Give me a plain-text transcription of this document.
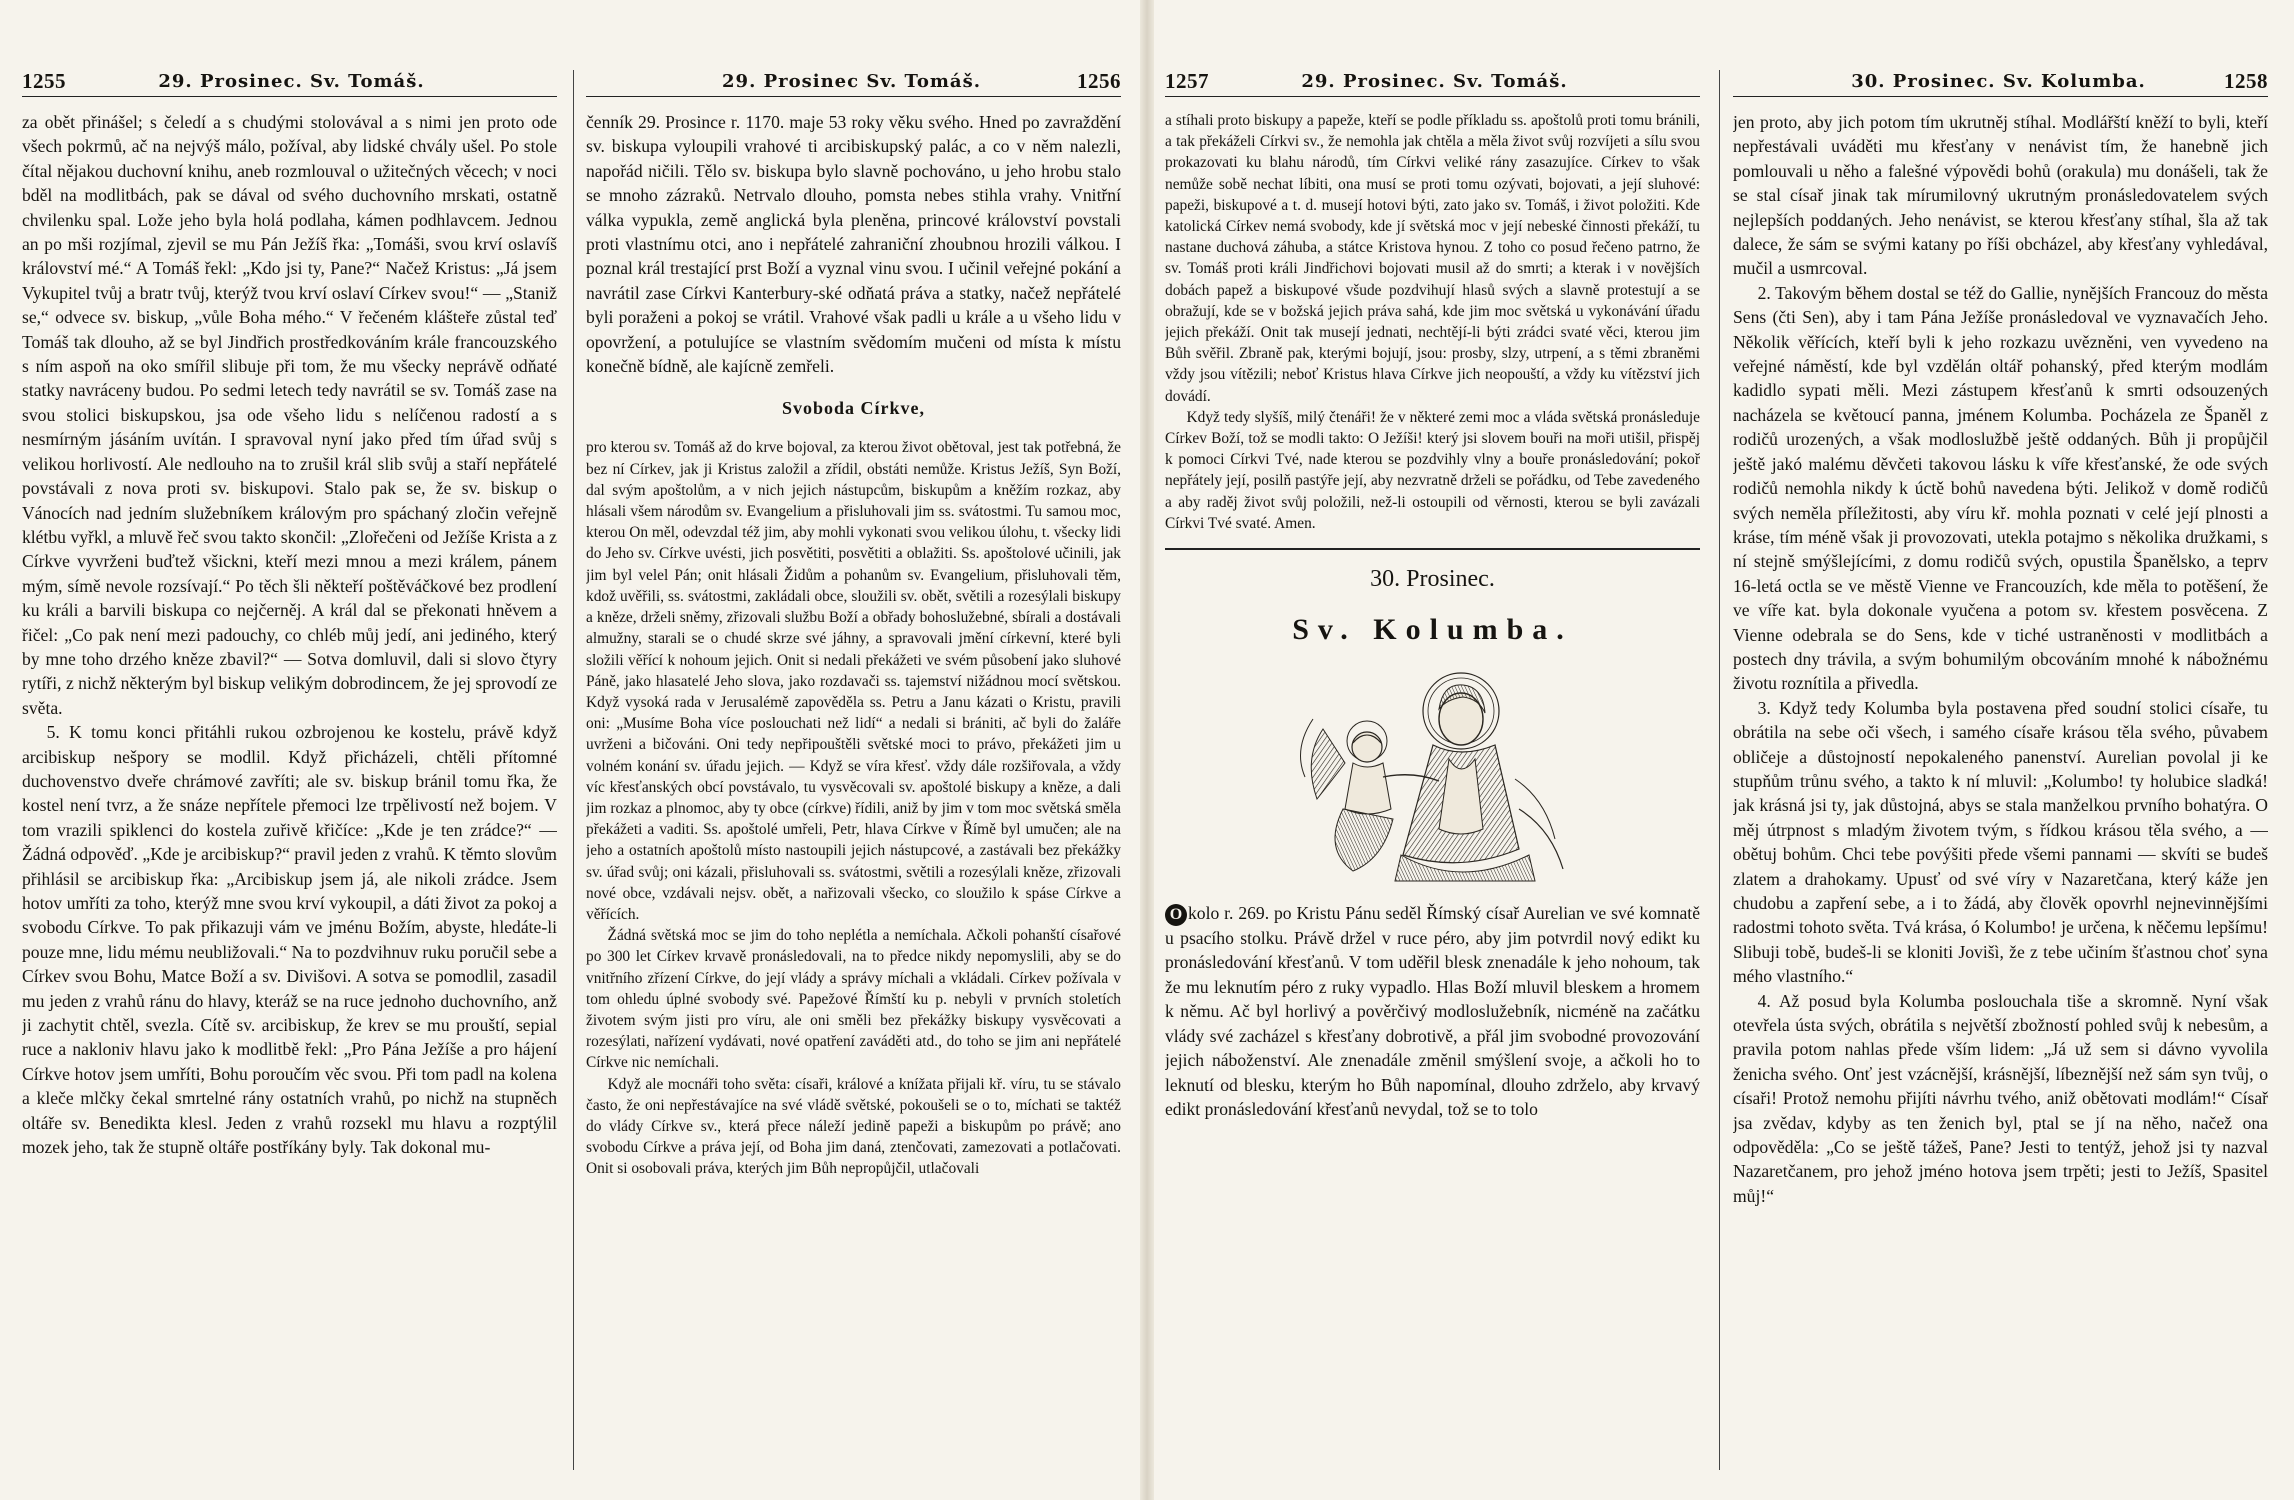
1255	29. Prosinec. Sv. Tomáš.	29. Prosinec Sv. Tomáš.	1256

za obět přinášel; s čeledí a s chudými stolovával a s nimi jen proto ode všech pokrmů, ač na nejvýš málo, požíval, aby lidské chvály ušel. Po stole čítal nějakou duchovní knihu, aneb rozmlouval o užitečných věcech; v noci bděl na modlitbách, pak se dával od svého duchovního mrskati, ostatně chvilenku spal. Lože jeho byla holá podlaha, kámen podhlavcem. Jednou an po mši rozjímal, zjevil se mu Pán Ježíš řka: „Tomáši, svou krví oslavíš království mé.“ A Tomáš řekl: „Kdo jsi ty, Pane?“ Načež Kristus: „Já jsem Vykupitel tvůj a bratr tvůj, kterýž tvou krví oslaví Církev svou!“ — „Staniž se,“ odvece sv. biskup, „vůle Boha mého.“ V řečeném klášteře zůstal teď Tomáš tak dlouho, až se byl Jindřich prostředkováním krále francouzského s ním aspoň na oko smířil slibuje při tom, že mu všecky neprávě odňaté statky navráceny budou. Po sedmi letech tedy navrátil se sv. Tomáš zase na svou stolici biskupskou, jsa ode všeho lidu s nelíčenou radostí a s nesmírným jásáním uvítán. I spravoval nyní jako před tím úřad svůj s velikou horlivostí. Ale nedlouho na to zrušil král slib svůj a staří nepřátelé povstávali z nova proti sv. biskupovi. Stalo pak se, že sv. biskup o Vánocích nad jedním služebníkem královým pro spáchaný zločin veřejně klétbu vyřkl, a mluvě řeč svou takto skončil: „Zlořečeni od Ježíše Krista a z Církve vyvrženi buďtež všickni, kteří mezi mnou a mezi králem, pánem mým, símě nevole rozsívají.“ Po těch šli někteří poštěváčkové bez prodlení ku králi a barvili biskupa co nejčerněj. A král dal se překonati hněvem a řičel: „Co pak není mezi padouchy, co chléb můj jedí, ani jediného, který by mne toho drzého kněze zbavil?“ — Sotva domluvil, dali si slovo čtyry rytíři, z nichž některým byl biskup velikým dobrodincem, že jej sprovodí ze světa.

5. K tomu konci přitáhli rukou ozbrojenou ke kostelu, právě když arcibiskup nešpory se modlil. Když přicházeli, chtěli přítomné duchovenstvo dveře chrámové zavříti; ale sv. biskup bránil tomu řka, že kostel není tvrz, a že snáze nepřítele přemoci lze trpělivostí než bojem. V tom vrazili spiklenci do kostela zuřivě křičíce: „Kde je ten zrádce?“ — Žádná odpověď. „Kde je arcibiskup?“ pravil jeden z vrahů. K těmto slovům přihlásil se arcibiskup řka: „Arcibiskup jsem já, ale nikoli zrádce. Jsem hotov umříti za toho, kterýž mne svou krví vykoupil, a dáti život za pokoj a svobodu Církve. To pak přikazuji vám ve jménu Božím, abyste, hledáte-li pouze mne, lidu mému neubližovali.“ Na to pozdvihnuv ruku poručil sebe a Církev svou Bohu, Matce Boží a sv. Divišovi. A sotva se pomodlil, zasadil mu jeden z vrahů ránu do hlavy, kteráž se na ruce jednoho duchovního, anž ji zachytit chtěl, svezla. Cítě sv. arcibiskup, že krev se mu prouští, sepial ruce a nakloniv hlavu jako k modlitbě řekl: „Pro Pána Ježíše a pro hájení Církve hotov jsem umříti, Bohu poroučím věc svou. Při tom padl na kolena a kleče mlčky čekal smrtelné rány ostatních vrahů, po nichž na stupněch oltáře sv. Benedikta klesl. Jeden z vrahů rozsekl mu hlavu a rozptýlil mozek jeho, tak že stupně oltáře postříkány byly. Tak dokonal mu-

čenník 29. Prosince r. 1170. maje 53 roky věku svého. Hned po zavraždění sv. biskupa vyloupili vrahové ti arcibiskupský palác, a co v něm nalezli, napořád ničili. Tělo sv. biskupa bylo slavně pochováno, u jeho hrobu stalo se mnoho zázraků. Netrvalo dlouho, pomsta nebes stihla vrahy. Vnitřní válka vypukla, země anglická byla pleněna, princové království povstali proti vlastnímu otci, ano i nepřátelé zahraniční zhoubnou hrozili válkou. I poznal král trestající prst Boží a vyznal vinu svou. I učinil veřejné pokání a navrátil zase Církvi Kanterbury-ské odňatá práva a statky, načež nepřátelé byli poraženi a pokoj se vrátil. Vrahové však padli u krále a u všeho lidu v opovržení, a potulujíce se vlastním svědomím mučeni od místa k místu konečně bídně, ale kajícně zemřeli.

Svoboda Církve,

pro kterou sv. Tomáš až do krve bojoval, za kterou život obětoval, jest tak potřebná, že bez ní Církev, jak ji Kristus založil a zřídil, obstáti nemůže. Kristus Ježíš, Syn Boží, dal svým apoštolům, a v nich jejich nástupcům, biskupům a kněžím rozkaz, aby hlásali všem národům sv. Evangelium a přisluhovali jim ss. svátostmi. Tu samou moc, kterou On měl, odevzdal též jim, aby mohli vykonati svou velikou úlohu, t. všecky lidi do Jeho sv. Církve uvésti, jich posvětiti, posvětiti a oblažiti. Ss. apoštolové učinili, jak jim byl velel Pán; onit hlásali Židům a pohanům sv. Evangelium, přisluhovali těm, kdož uvěřili, ss. svátostmi, zakládali obce, sloužili sv. obět, světili a rozesýlali biskupy a kněze, drželi sněmy, zřizovali službu Boží a obřady bohoslužebné, sbírali a dostávali almužny, starali se o chudé skrze své jáhny, a spravovali jmění církevní, které byli složili věřící k nohoum jejich. Onit si nedali překážeti ve svém působení jako sluhové Páně, jako hlasatelé Jeho slova, jako rozdavači ss. tajemství nižádnou mocí světskou. Když vysoká rada v Jerusalémě zapověděla ss. Petru a Janu kázati o Kristu, pravili oni: „Musíme Boha více poslouchati než lidí“ a nedali si brániti, ač byli do žaláře uvrženi a bičováni. Oni tedy nepřipouštěli světské moci to právo, překážeti jim u volném konání sv. úřadu jejich. — Když se víra křesť. vždy dále rozšiřovala, a vždy víc křesťanských obcí povstávalo, tu vysvěcovali sv. apoštolé biskupy a kněze, a dali jim rozkaz a plnomoc, aby ty obce (církve) řídili, aniž by jim v tom moc světská směla překážeti a vaditi. Ss. apoštolé umřeli, Petr, hlava Církve v Římě byl umučen; ale na jeho a ostatních apoštolů místo nastoupili jejich nástupcové, a zastávali bez překážky sv. úřad svůj; oni kázali, přisluhovali ss. svátostmi, světili a rozesýlali kněze, zřizovali nové obce, vzdávali nejsv. obět, a nařizovali všecko, co sloužilo k spáse Církve a věřících.

Žádná světská moc se jim do toho neplétla a nemíchala. Ačkoli pohanští císařové po 300 let Církev krvavě pronásledovali, na to předce nikdy nepomyslili, aby se do vnitřního zřízení Církve, do její vlády a správy míchali a vkládali. Církev požívala v tom ohledu úplné svobody své. Papežové Římští ku p. nebyli v prvních stoletích životem svým jisti pro víru, ale oni směli bez překážky biskupy vysvěcovati a rozesýlati, nařízení vydávati, nové opatření zaváděti atd., do toho se jim ani nepřátelé Církve nic nemíchali.

Když ale mocnáři toho světa: císaři, králové a knížata přijali kř. víru, tu se stávalo často, že oni nepřestávajíce na své vládě světské, pokoušeli se o to, míchati se taktéž do vlády Církve sv., která přece náleží jedině papeži a biskupům po právě; ano svobodu Církve a práva její, od Boha jim daná, ztenčovati, zamezovati a potlačovati. Onit si osobovali práva, kterých jim Bůh nepropůjčil, utlačovali

1257	29. Prosinec. Sv. Tomáš.	30. Prosinec. Sv. Kolumba.	1258

a stíhali proto biskupy a papeže, kteří se podle příkladu ss. apoštolů proti tomu bránili, a tak překáželi Církvi sv., že nemohla jak chtěla a měla život svůj rozvíjeti a sílu svou prokazovati ku blahu národů, tím Církvi veliké rány zasazujíce. Církev to však nemůže sobě nechat líbiti, ona musí se proti tomu ozývati, bojovati, a její sluhové: papeži, biskupové a t. d. musejí hotovi býti, zato jako sv. Tomáš, i život položiti. Kde katolická Církev nemá svobody, kde jí světská moc v její nebeské činnosti překáží, tu nastane duchová záhuba, a státce Kristova hynou. Z toho co posud řečeno patrno, že sv. Tomáš proti králi Jindřichovi bojovati musil až do smrti; a kterak i v novějších dobách papež a biskupové všude pozdvihují hlasů svých a slavně protestují a se obražují, kde se v božská jejich práva sahá, kde jim moc světská u vykonávání úřadu jejich překáží. Onit tak musejí jednati, nechtějí-li býti zrádci svaté věci, kterou jim Bůh svěřil. Zbraně pak, kterými bojují, jsou: prosby, slzy, utrpení, a s těmi zbraněmi vždy jsou vítězili; neboť Kristus hlava Církve jich neopouští, a vždy ku vítězství jich dovádí.

Když tedy slyšíš, milý čtenáři! že v některé zemi moc a vláda světská pronásleduje Církev Boží, tož se modli takto: O Ježíši! který jsi slovem bouři na moři utišil, přispěj k pomoci Církvi Tvé, nade kterou se pozdvihly vlny a bouře pronásledování; pokoř nepřátely její, posilň pastýře její, aby nezvratně drželi se pořádku, od Tebe zavedeného a aby raděj život svůj položili, než-li ostoupili od věrnosti, kterou se byli zavázali Církvi Tvé svaté. Amen.

30. Prosinec.
Sv. Kolumba.

O kolo r. 269. po Kristu Pánu seděl Římský císař Aurelian ve své komnatě u psacího stolku. Právě držel v ruce péro, aby jim potvrdil nový edikt ku pronásledování křesťanů. V tom uděřil blesk znenadále k jeho nohoum, tak že mu leknutím péro z ruky vypadlo. Hlas Boží mluvil bleskem a hromem k němu. Ač byl horlivý a pověrčivý modloslužebník, nicméně na začátku vlády své zacházel s křesťany dobrotivě, a přál jim svobodné provozování jejich náboženství. Ale znenadále změnil smýšlení svoje, a ačkoli ho to leknutí od blesku, kterým ho Bůh napomínal, dlouho zdrželo, aby krvavý edikt pronásledování křesťanů nevydal, tož se to tolo

jen proto, aby jich potom tím ukrutněj stíhal. Modlářští kněží to byli, kteří nepřestávali uváděti mu křesťany v nenávist tím, že hanebně jich pomlouvali u něho a falešné výpovědi bohů (orakula) mu donášeli, tak že se stal císař jinak tak mírumilovný ukrutným pronásledovatelem svých nejlepších poddaných. Jeho nenávist, se kterou křesťany stíhal, šla až tak dalece, že sám se svými katany po říši obcházel, aby křesťany vyhledával, mučil a usmrcoval.

2. Takovým během dostal se též do Gallie, nynějších Francouz do města Sens (čti Sen), aby i tam Pána Ježíše pronásledoval ve vyznavačích Jeho. Několik věřících, kteří byli k jeho rozkazu uvězněni, ven vyvedeno na veřejné náměstí, kde byl vzdělán oltář pohanský, před kterým modlám kadidlo sypati měli. Mezi zástupem křesťanů k smrti odsouzených nacházela se květoucí panna, jménem Kolumba. Pocházela ze Španěl z rodičů urozených, a však modloslužbě ještě oddaných. Bůh ji propůjčil ještě jakó malému děvčeti takovou lásku k víře křesťanské, že ode svých rodičů nemohla nikdy k úctě bohů navedena býti. Jelikož v domě rodičů svých neměla příležitosti, aby víru kř. mohla poznati v celé její plnosti a kráse, tím méně však ji provozovati, utekla potajmo s několika družkami, s ní stejně smýšlejícími, z domu rodičů svých, opustila Španělsko, a teprv 16-letá octla se ve městě Vienne ve Francouzích, kde měla to potěšení, že ve víře kat. byla dokonale vyučena a potom sv. křestem posvěcena. Z Vienne odebrala se do Sens, kde v tiché ustraněnosti v modlitbách a postech dny trávila, a svým bohumilým obcováním mnohé k nábožnému životu roznítila a přivedla.

3. Když tedy Kolumba byla postavena před soudní stolici císaře, tu obrátila na sebe oči všech, i samého císaře krásou těla svého, půvabem obličeje a důstojností nepokaleného panenství. Aurelian povolal ji ke stupňům trůnu svého, a takto k ní mluvil: „Kolumbo! ty holubice sladká! jak krásná jsi ty, jak důstojná, abys se stala manželkou prvního bohatýra. O měj útrpnost s mladým životem tvým, s řídkou krásou těla svého, a — obětuj bohům. Chci tebe povýšiti přede všemi pannami — skvíti se budeš zlatem a drahokamy. Upusť od své víry v Nazaretčana, který káže jen chudobu a zapření sebe, a i to žádá, aby člověk opovrhl nejnevinnějšími radostmi tohoto světa. Tvá krása, ó Kolumbo! je určena, k něčemu lepšímu! Slibuji tobě, budeš-li se kloniti Jovišì, že z tebe učiním šťastnou choť syna mého vlastního.“

4. Až posud byla Kolumba poslouchala tiše a skromně. Nyní však otevřela ústa svých, obrátila s největší zbožností pohled svůj k nebesům, a pravila potom nahlas přede vším lidem: „Já už sem si dávno vyvolila ženicha svého. Onť jest vzácnější, krásnější, líbeznější než sám syn tvůj, o císaři! Protož nemohu přijíti návrhu tvého, aniž obětovati modlám!“ Císař jsa zvědav, kdyby as ten ženich byl, ptal se jí na něho, načež ona odpověděla: „Co se ještě tážeš, Pane? Jesti to tentýž, jehož jsi ty nazval Nazaretčanem, pro jehož jméno hotova jsem trpěti; jesti to Ježíš, Spasitel můj!“
